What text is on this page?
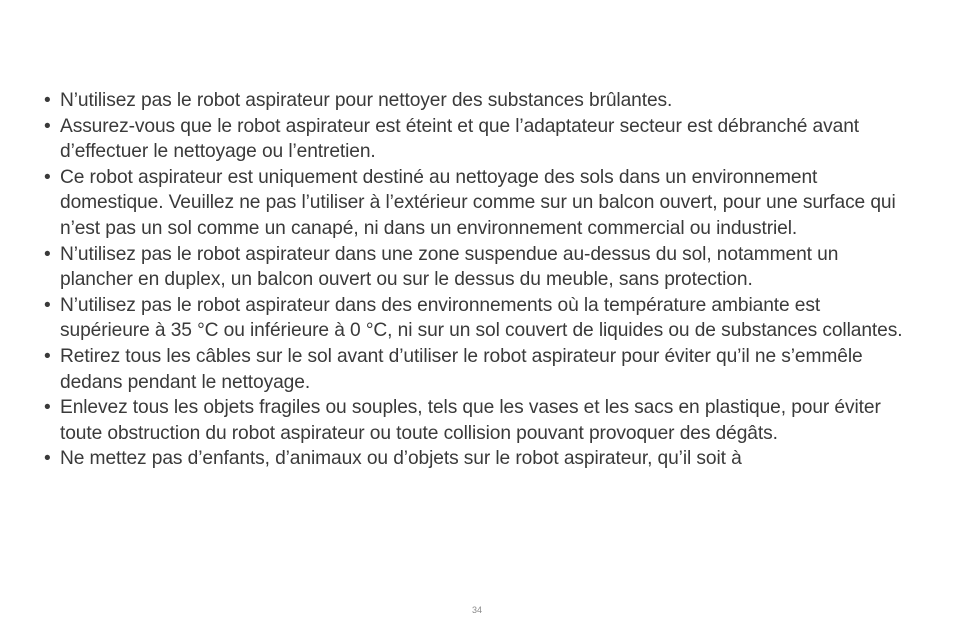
• N’utilisez pas le robot aspirateur pour nettoyer des substances brûlantes.
• Assurez-vous que le robot aspirateur est éteint et que l’adaptateur secteur est débranché avant d’effectuer le nettoyage ou l’entretien.
• Ce robot aspirateur est uniquement destiné au nettoyage des sols dans un environnement domestique. Veuillez ne pas l’utiliser à l’extérieur comme sur un balcon ouvert, pour une surface qui n’est pas un sol comme un canapé, ni dans un environnement commercial ou industriel.
• N’utilisez pas le robot aspirateur dans une zone suspendue au-dessus du sol, notamment un plancher en duplex, un balcon ouvert ou sur le dessus du meuble, sans protection.
• N’utilisez pas le robot aspirateur dans des environnements où la température ambiante est supérieure à 35 °C ou inférieure à 0 °C, ni sur un sol couvert de liquides ou de substances collantes.
• Retirez tous les câbles sur le sol avant d’utiliser le robot aspirateur pour éviter qu’il ne s’emmêle dedans pendant le nettoyage.
• Enlevez tous les objets fragiles ou souples, tels que les vases et les sacs en plastique, pour éviter toute obstruction du robot aspirateur ou toute collision pouvant provoquer des dégâts.
• Ne mettez pas d’enfants, d’animaux ou d’objets sur le robot aspirateur, qu’il soit à
34
